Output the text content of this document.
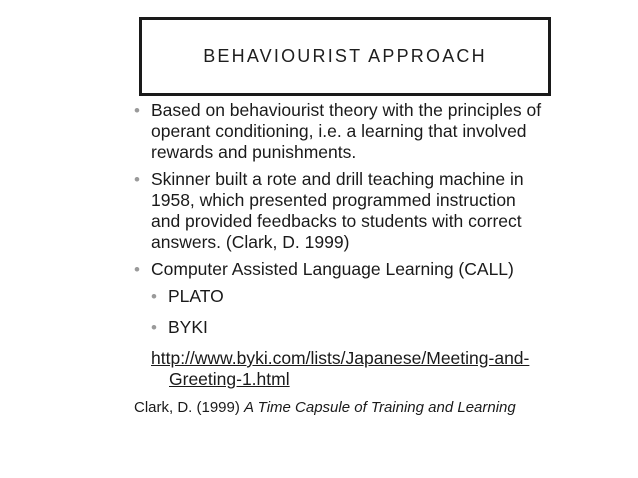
BEHAVIOURIST APPROACH
• Based on behaviourist theory with the principles of
operant conditioning, i.e. a learning that involved
rewards and punishments.
• Skinner built a rote and drill teaching machine in
1958, which presented programmed instruction
and provided feedbacks to students with correct
answers. (Clark, D. 1999)
• Computer Assisted Language Learning (CALL)
• PLATO
• BYKI
http://www.byki.com/lists/Japanese/Meeting-and-
Greeting-1.html
Clark, D. (1999) A Time Capsule of Training and Learning
